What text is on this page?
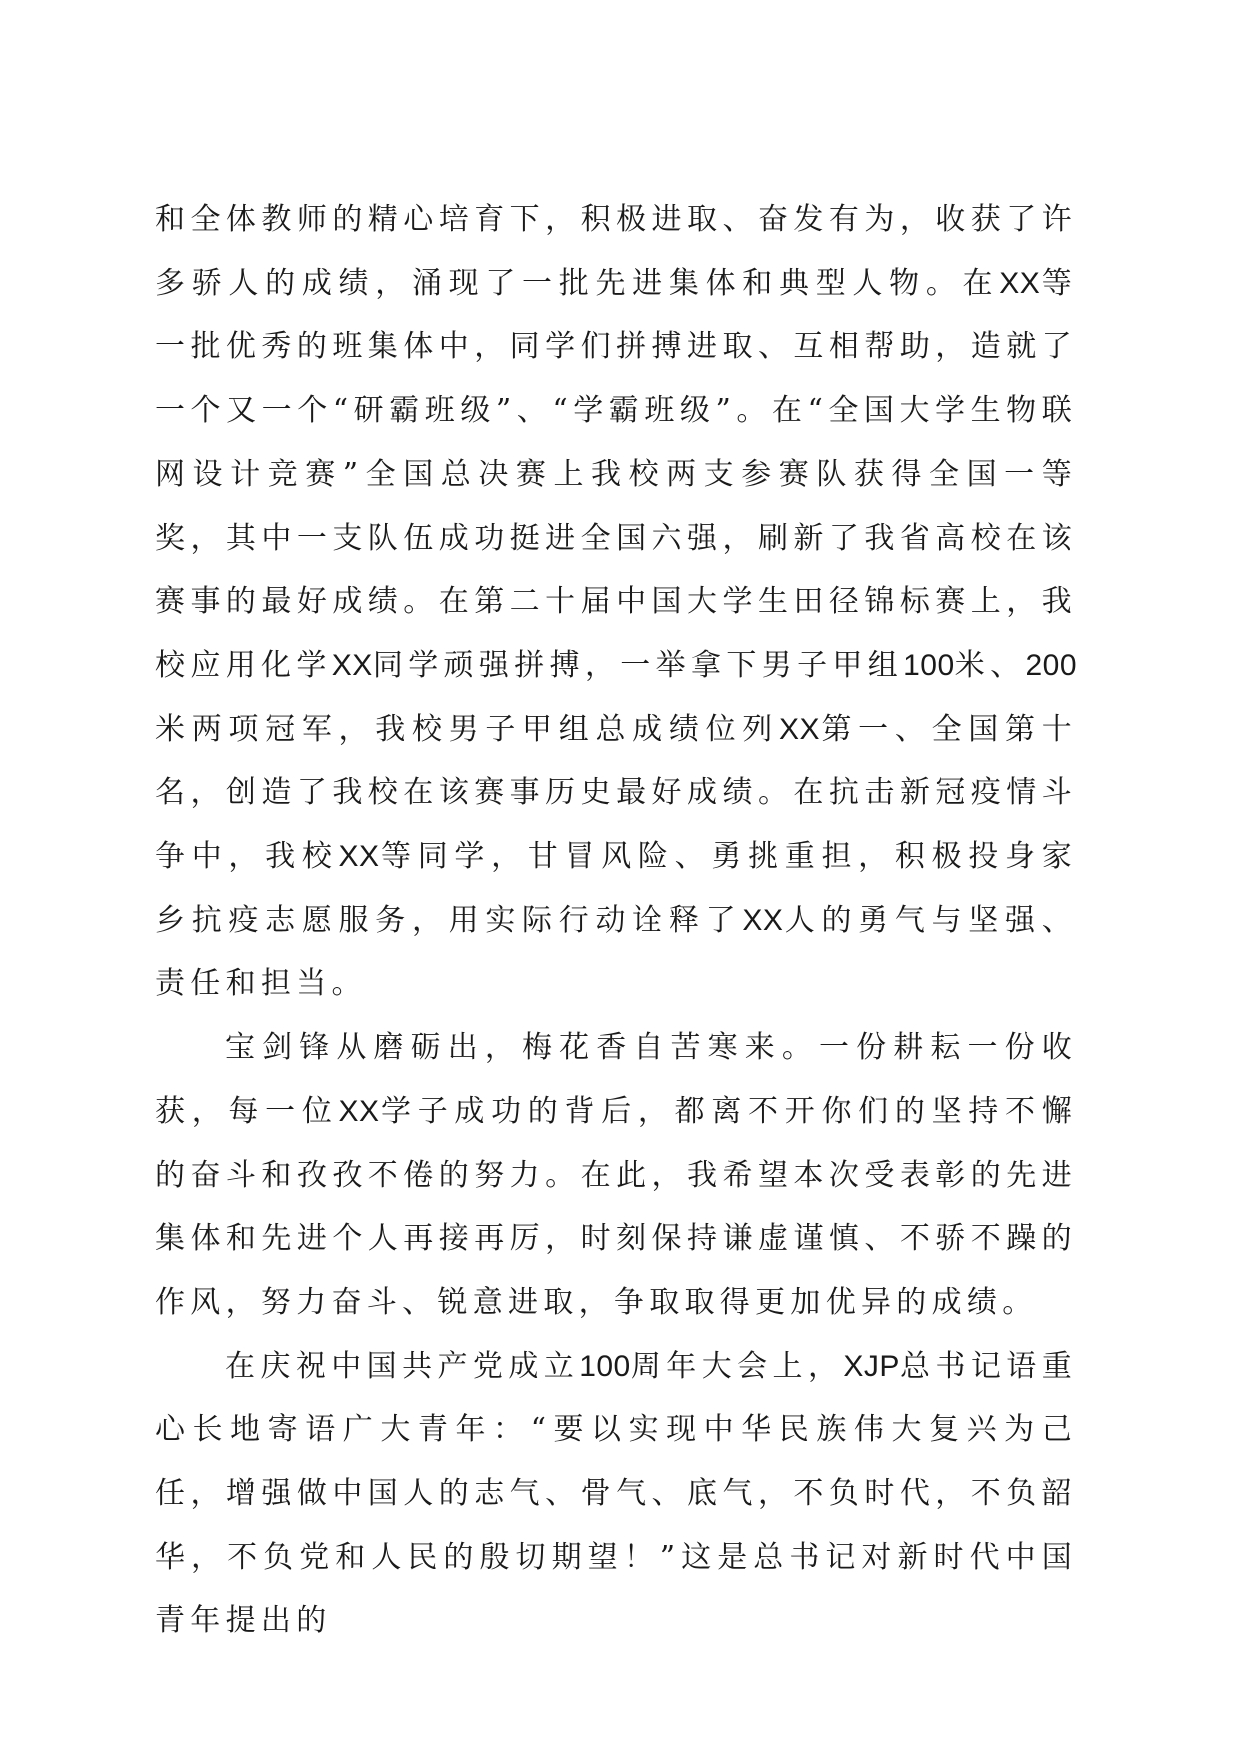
和全体教师的精心培育下，积极进取、奋发有为，收获了许多骄人的成绩，涌现了一批先进集体和典型人物。在XX等一批优秀的班集体中，同学们拼搏进取、互相帮助，造就了一个又一个“研霸班级”、“学霸班级”。在“全国大学生物联网设计竞赛”全国总决赛上我校两支参赛队获得全国一等奖，其中一支队伍成功挺进全国六强，刷新了我省高校在该赛事的最好成绩。在第二十届中国大学生田径锦标赛上，我校应用化学XX同学顽强拼搏，一举拿下男子甲组100米、200米两项冠军，我校男子甲组总成绩位列XX第一、全国第十名，创造了我校在该赛事历史最好成绩。在抗击新冠疫情斗争中，我校XX等同学，甘冒风险、勇挑重担，积极投身家乡抗疫志愿服务，用实际行动诠释了XX人的勇气与坚强、责任和担当。

宝剑锋从磨砺出，梅花香自苦寒来。一份耕耘一份收获，每一位XX学子成功的背后，都离不开你们的坚持不懈的奋斗和孜孜不倦的努力。在此，我希望本次受表彰的先进集体和先进个人再接再厉，时刻保持谦虚谨慎、不骄不躁的作风，努力奋斗、锐意进取，争取取得更加优异的成绩。

在庆祝中国共产党成立100周年大会上，XJP总书记语重心长地寄语广大青年：“要以实现中华民族伟大复兴为己任，增强做中国人的志气、骨气、底气，不负时代，不负韶华，不负党和人民的殷切期望！”这是总书记对新时代中国青年提出的
